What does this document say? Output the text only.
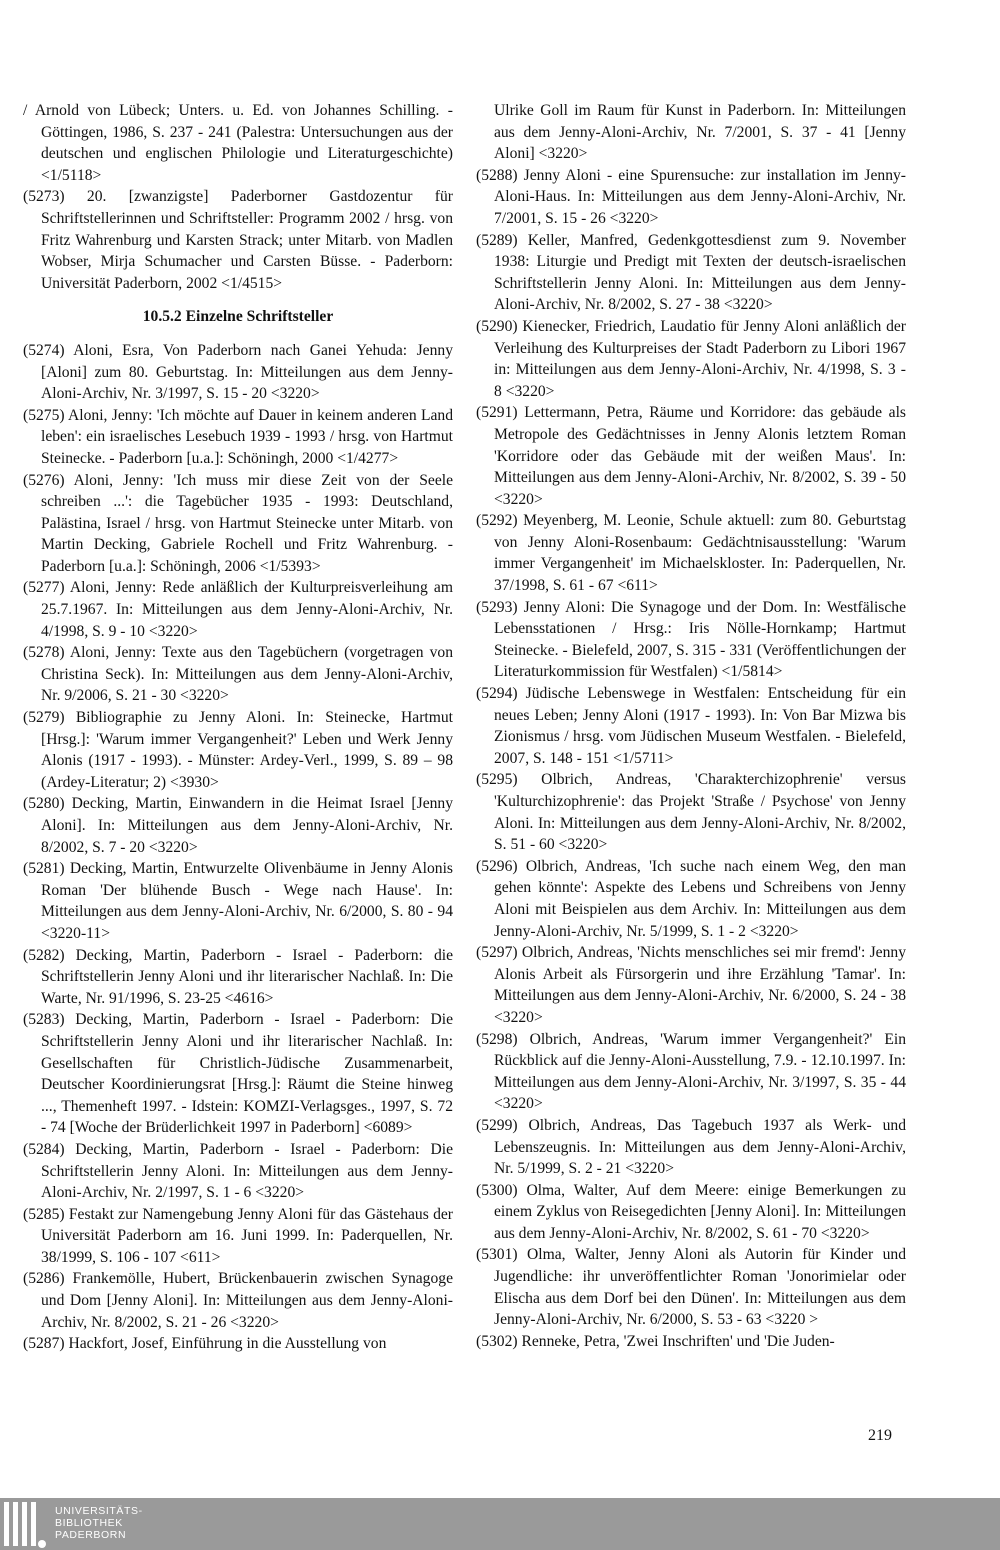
/ Arnold von Lübeck; Unters. u. Ed. von Johannes Schilling. - Göttingen, 1986, S. 237 - 241 (Palestra: Untersuchungen aus der deutschen und englischen Philologie und Literaturgeschichte) <1/5118>

(5273) 20. [zwanzigste] Paderborner Gastdozentur für Schriftstellerinnen und Schriftsteller: Programm 2002 / hrsg. von Fritz Wahrenburg und Karsten Strack; unter Mitarb. von Madlen Wobser, Mirja Schumacher und Carsten Büsse. - Paderborn: Universität Paderborn, 2002 <1/4515>

10.5.2 Einzelne Schriftsteller

(5274) Aloni, Esra, Von Paderborn nach Ganei Yehuda: Jenny [Aloni] zum 80. Geburtstag. In: Mitteilungen aus dem Jenny-Aloni-Archiv, Nr. 3/1997, S. 15 - 20 <3220>

(5275) Aloni, Jenny: 'Ich möchte auf Dauer in keinem anderen Land leben': ein israelisches Lesebuch 1939 - 1993 / hrsg. von Hartmut Steinecke. - Paderborn [u.a.]: Schöningh, 2000 <1/4277>

(5276) Aloni, Jenny: 'Ich muss mir diese Zeit von der Seele schreiben ...': die Tagebücher 1935 - 1993: Deutschland, Palästina, Israel / hrsg. von Hartmut Steinecke unter Mitarb. von Martin Decking, Gabriele Rochell und Fritz Wahrenburg. - Paderborn [u.a.]: Schöningh, 2006 <1/5393>

(5277) Aloni, Jenny: Rede anläßlich der Kulturpreisverleihung am 25.7.1967. In: Mitteilungen aus dem Jenny-Aloni-Archiv, Nr. 4/1998, S. 9 - 10 <3220>

(5278) Aloni, Jenny: Texte aus den Tagebüchern (vorgetragen von Christina Seck). In: Mitteilungen aus dem Jenny-Aloni-Archiv, Nr. 9/2006, S. 21 - 30 <3220>

(5279) Bibliographie zu Jenny Aloni. In: Steinecke, Hartmut [Hrsg.]: 'Warum immer Vergangenheit?' Leben und Werk Jenny Alonis (1917 - 1993). - Münster: Ardey-Verl., 1999, S. 89 – 98 (Ardey-Literatur; 2) <3930>

(5280) Decking, Martin, Einwandern in die Heimat Israel [Jenny Aloni]. In: Mitteilungen aus dem Jenny-Aloni-Archiv, Nr. 8/2002, S. 7 - 20 <3220>

(5281) Decking, Martin, Entwurzelte Olivenbäume in Jenny Alonis Roman 'Der blühende Busch - Wege nach Hause'. In: Mitteilungen aus dem Jenny-Aloni-Archiv, Nr. 6/2000, S. 80 - 94 <3220-11>

(5282) Decking, Martin, Paderborn - Israel - Paderborn: die Schriftstellerin Jenny Aloni und ihr literarischer Nachlaß. In: Die Warte, Nr. 91/1996, S. 23-25 <4616>

(5283) Decking, Martin, Paderborn - Israel - Paderborn: Die Schriftstellerin Jenny Aloni und ihr literarischer Nachlaß. In: Gesellschaften für Christlich-Jüdische Zusammenarbeit, Deutscher Koordinierungsrat [Hrsg.]: Räumt die Steine hinweg ..., Themenheft 1997. - Idstein: KOMZI-Verlagsges., 1997, S. 72 - 74 [Woche der Brüderlichkeit 1997 in Paderborn] <6089>

(5284) Decking, Martin, Paderborn - Israel - Paderborn: Die Schriftstellerin Jenny Aloni. In: Mitteilungen aus dem Jenny-Aloni-Archiv, Nr. 2/1997, S. 1 - 6 <3220>

(5285) Festakt zur Namengebung Jenny Aloni für das Gästehaus der Universität Paderborn am 16. Juni 1999. In: Paderquellen, Nr. 38/1999, S. 106 - 107 <611>

(5286) Frankemölle, Hubert, Brückenbauerin zwischen Synagoge und Dom [Jenny Aloni]. In: Mitteilungen aus dem Jenny-Aloni-Archiv, Nr. 8/2002, S. 21 - 26 <3220>

(5287) Hackfort, Josef, Einführung in die Ausstellung von

Ulrike Goll im Raum für Kunst in Paderborn. In: Mitteilungen aus dem Jenny-Aloni-Archiv, Nr. 7/2001, S. 37 - 41 [Jenny Aloni] <3220>

(5288) Jenny Aloni - eine Spurensuche: zur installation im Jenny-Aloni-Haus. In: Mitteilungen aus dem Jenny-Aloni-Archiv, Nr. 7/2001, S. 15 - 26 <3220>

(5289) Keller, Manfred, Gedenkgottesdienst zum 9. November 1938: Liturgie und Predigt mit Texten der deutsch-israelischen Schriftstellerin Jenny Aloni. In: Mitteilungen aus dem Jenny-Aloni-Archiv, Nr. 8/2002, S. 27 - 38 <3220>

(5290) Kienecker, Friedrich, Laudatio für Jenny Aloni anläßlich der Verleihung des Kulturpreises der Stadt Paderborn zu Libori 1967 in: Mitteilungen aus dem Jenny-Aloni-Archiv, Nr. 4/1998, S. 3 - 8 <3220>

(5291) Lettermann, Petra, Räume und Korridore: das gebäude als Metropole des Gedächtnisses in Jenny Alonis letztem Roman 'Korridore oder das Gebäude mit der weißen Maus'. In: Mitteilungen aus dem Jenny-Aloni-Archiv, Nr. 8/2002, S. 39 - 50 <3220>

(5292) Meyenberg, M. Leonie, Schule aktuell: zum 80. Geburtstag von Jenny Aloni-Rosenbaum: Gedächtnisausstellung: 'Warum immer Vergangenheit' im Michaelskloster. In: Paderquellen, Nr. 37/1998, S. 61 - 67 <611>

(5293) Jenny Aloni: Die Synagoge und der Dom. In: Westfälische Lebensstationen / Hrsg.: Iris Nölle-Hornkamp; Hartmut Steinecke. - Bielefeld, 2007, S. 315 - 331 (Veröffentlichungen der Literaturkommission für Westfalen) <1/5814>

(5294) Jüdische Lebenswege in Westfalen: Entscheidung für ein neues Leben; Jenny Aloni (1917 - 1993). In: Von Bar Mizwa bis Zionismus / hrsg. vom Jüdischen Museum Westfalen. - Bielefeld, 2007, S. 148 - 151 <1/5711>

(5295) Olbrich, Andreas, 'Charakterchizophrenie' versus 'Kulturchizophrenie': das Projekt 'Straße / Psychose' von Jenny Aloni. In: Mitteilungen aus dem Jenny-Aloni-Archiv, Nr. 8/2002, S. 51 - 60 <3220>

(5296) Olbrich, Andreas, 'Ich suche nach einem Weg, den man gehen könnte': Aspekte des Lebens und Schreibens von Jenny Aloni mit Beispielen aus dem Archiv. In: Mitteilungen aus dem Jenny-Aloni-Archiv, Nr. 5/1999, S. 1 - 2 <3220>

(5297) Olbrich, Andreas, 'Nichts menschliches sei mir fremd': Jenny Alonis Arbeit als Fürsorgerin und ihre Erzählung 'Tamar'. In: Mitteilungen aus dem Jenny-Aloni-Archiv, Nr. 6/2000, S. 24 - 38 <3220>

(5298) Olbrich, Andreas, 'Warum immer Vergangenheit?' Ein Rückblick auf die Jenny-Aloni-Ausstellung, 7.9. - 12.10.1997. In: Mitteilungen aus dem Jenny-Aloni-Archiv, Nr. 3/1997, S. 35 - 44 <3220>

(5299) Olbrich, Andreas, Das Tagebuch 1937 als Werk- und Lebenszeugnis. In: Mitteilungen aus dem Jenny-Aloni-Archiv, Nr. 5/1999, S. 2 - 21 <3220>

(5300) Olma, Walter, Auf dem Meere: einige Bemerkungen zu einem Zyklus von Reisegedichten [Jenny Aloni]. In: Mitteilungen aus dem Jenny-Aloni-Archiv, Nr. 8/2002, S. 61 - 70 <3220>

(5301) Olma, Walter, Jenny Aloni als Autorin für Kinder und Jugendliche: ihr unveröffentlichter Roman 'Jonorimielar oder Elischa aus dem Dorf bei den Dünen'. In: Mitteilungen aus dem Jenny-Aloni-Archiv, Nr. 6/2000, S. 53 - 63 <3220 >

(5302) Renneke, Petra, 'Zwei Inschriften' und 'Die Juden-

219
UNIVERSITÄTS-
BIBLIOTHEK
PADERBORN
